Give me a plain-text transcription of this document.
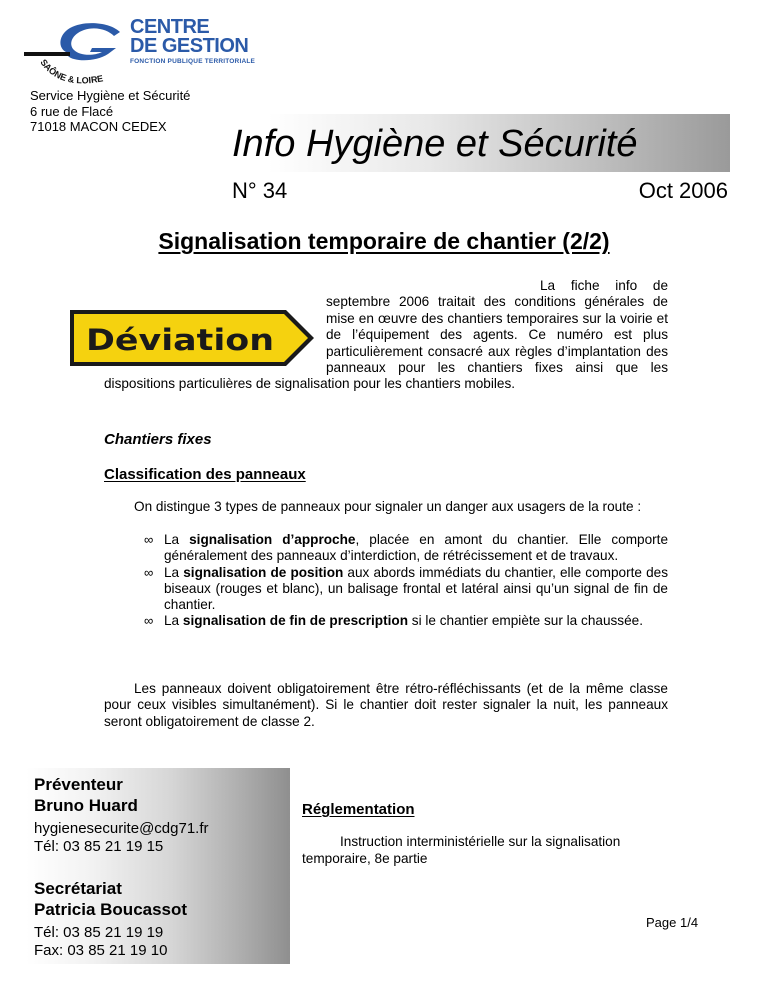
SAÔNE & LOIRE
CENTRE
DE GESTION
FONCTION PUBLIQUE TERRITORIALE
Service Hygiène et Sécurité
6 rue de Flacé
71018 MACON CEDEX	Info Hygiène et Sécurité
N° 34	Oct 2006
Signalisation temporaire de chantier (2/2)
La fiche info de septembre 2006 traitait des conditions générales de mise en œuvre des chantiers temporaires sur la voirie et de l’équipement des agents. Ce numéro est plus particulièrement consacré aux règles d’implantation des panneaux pour les chantiers fixes ainsi que les dispositions particulières de signalisation pour les chantiers mobiles.
Déviation
Chantiers fixes
Classification des panneaux
On distingue 3 types de panneaux pour signaler un danger aux usagers de la route :
∞ La signalisation d’approche, placée en amont du chantier. Elle comporte généralement des panneaux d’interdiction, de rétrécissement et de travaux.
∞ La signalisation de position aux abords immédiats du chantier, elle comporte des biseaux (rouges et blanc), un balisage frontal et latéral ainsi qu’un signal de fin de chantier.
∞ La signalisation de fin de prescription si le chantier empiète sur la chaussée.
Les panneaux doivent obligatoirement être rétro-réfléchissants (et de la même classe pour ceux visibles simultanément). Si le chantier doit rester signaler la nuit, les panneaux seront obligatoirement de classe 2.
Préventeur
Bruno Huard
hygienesecurite@cdg71.fr
Tél: 03 85 21 19 15
Secrétariat
Patricia Boucassot
Tél: 03 85 21 19 19
Fax: 03 85 21 19 10
Réglementation
Instruction interministérielle sur la signalisation temporaire, 8e partie
Page 1/4
